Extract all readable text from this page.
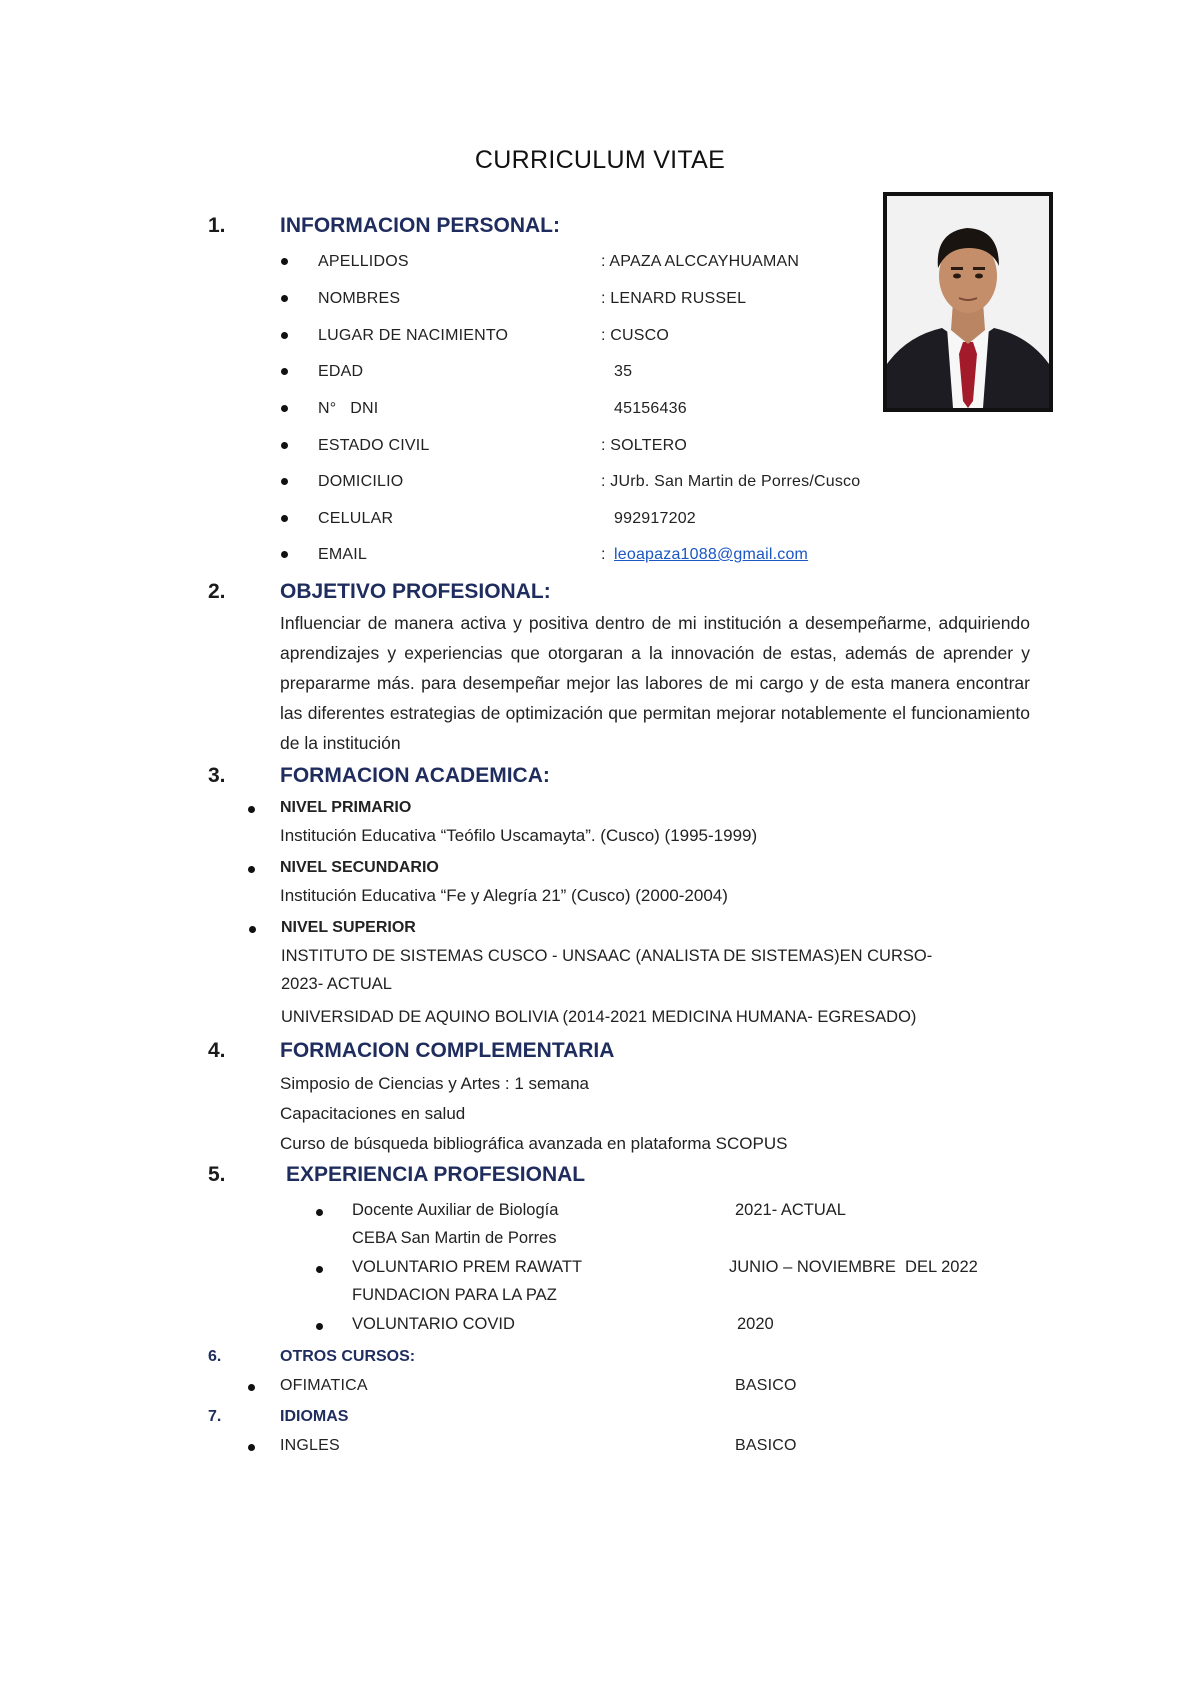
CURRICULUM VITAE
1.	INFORMACION PERSONAL:
APELLIDOS	: APAZA ALCCAYHUAMAN
NOMBRES	: LENARD RUSSEL
LUGAR DE NACIMIENTO	: CUSCO
EDAD	35
N°   DNI	45156436
ESTADO CIVIL	: SOLTERO
DOMICILIO	: JUrb. San Martin de Porres/Cusco
CELULAR	992917202
EMAIL	: leoapaza1088@gmail.com
2.	OBJETIVO PROFESIONAL:
Influenciar de manera activa y positiva dentro de mi institución a desempeñarme, adquiriendo aprendizajes y experiencias que otorgaran a la innovación de estas, además de aprender y prepararme más. para desempeñar mejor las labores de mi cargo y de esta manera encontrar las diferentes estrategias de optimización que permitan mejorar notablemente el funcionamiento de la institución
3.	FORMACION ACADEMICA:
NIVEL PRIMARIO
Institución Educativa “Teófilo Uscamayta”. (Cusco) (1995-1999)
NIVEL SECUNDARIO
Institución Educativa “Fe y Alegría 21” (Cusco) (2000-2004)
NIVEL SUPERIOR
INSTITUTO DE SISTEMAS CUSCO - UNSAAC (ANALISTA DE SISTEMAS)EN CURSO-
2023- ACTUAL
UNIVERSIDAD DE AQUINO BOLIVIA (2014-2021 MEDICINA HUMANA- EGRESADO)
4.	FORMACION COMPLEMENTARIA
Simposio de Ciencias y Artes : 1 semana
Capacitaciones en salud
Curso de búsqueda bibliográfica avanzada en plataforma SCOPUS
5.	EXPERIENCIA PROFESIONAL
Docente Auxiliar de Biología	2021- ACTUAL
CEBA San Martin de Porres
VOLUNTARIO PREM RAWATT	JUNIO – NOVIEMBRE  DEL 2022
FUNDACION PARA LA PAZ
VOLUNTARIO COVID	2020
6.	OTROS CURSOS:
OFIMATICA	BASICO
7.	IDIOMAS
INGLES	BASICO
